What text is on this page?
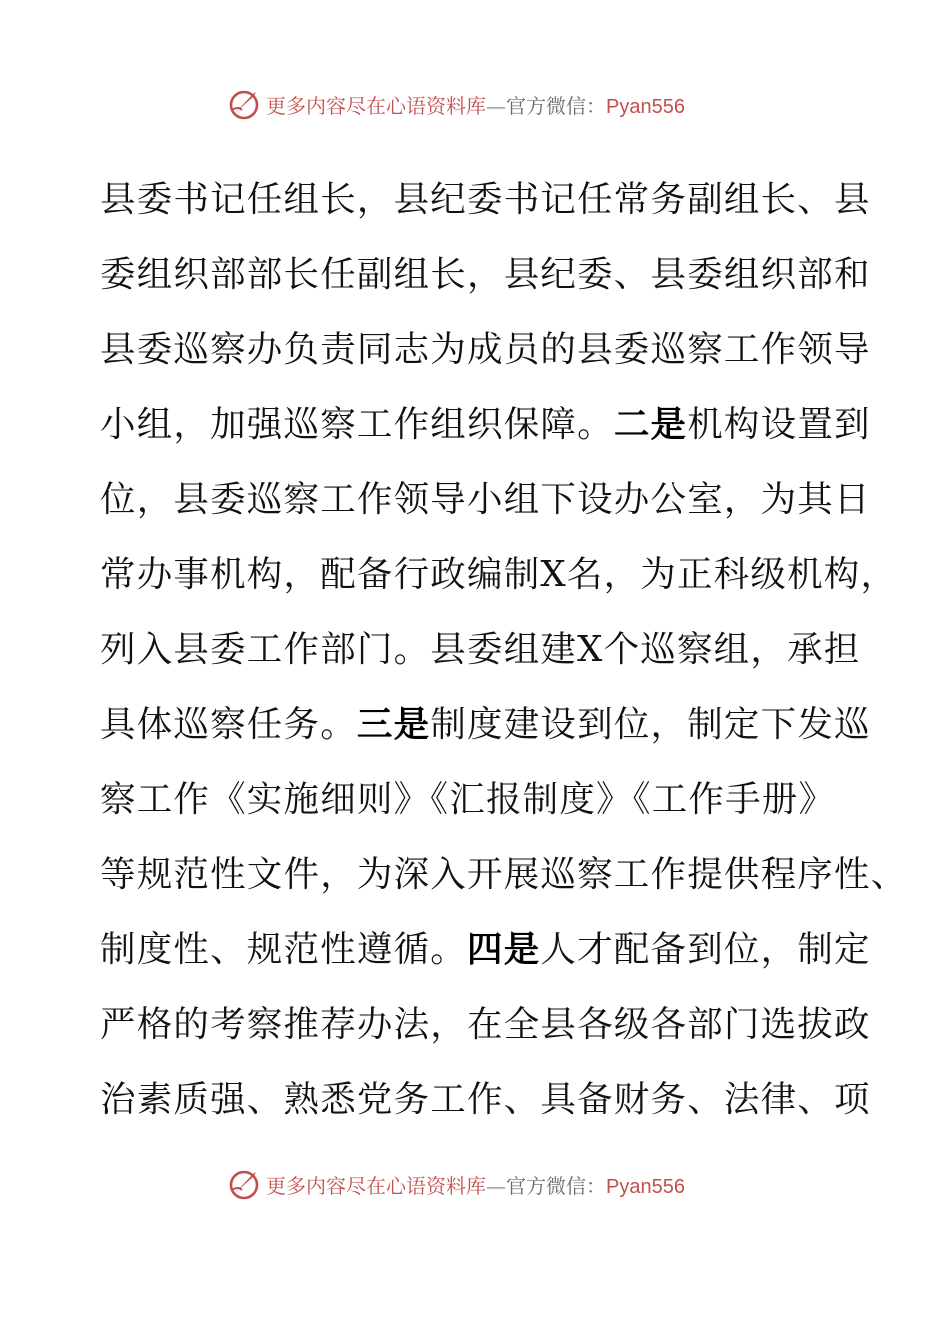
更多内容尽在心语资料库—官方微信：Pyan556
县委书记任组长，县纪委书记任常务副组长、县
委组织部部长任副组长，县纪委、县委组织部和
县委巡察办负责同志为成员的县委巡察工作领导
小组，加强巡察工作组织保障。二是机构设置到
位，县委巡察工作领导小组下设办公室，为其日
常办事机构，配备行政编制X名，为正科级机构，
列入县委工作部门。县委组建X个巡察组，承担
具体巡察任务。三是制度建设到位，制定下发巡
察工作《实施细则》《汇报制度》《工作手册》
等规范性文件，为深入开展巡察工作提供程序性、
制度性、规范性遵循。四是人才配备到位，制定
严格的考察推荐办法，在全县各级各部门选拔政
治素质强、熟悉党务工作、具备财务、法律、项
更多内容尽在心语资料库—官方微信：Pyan556
